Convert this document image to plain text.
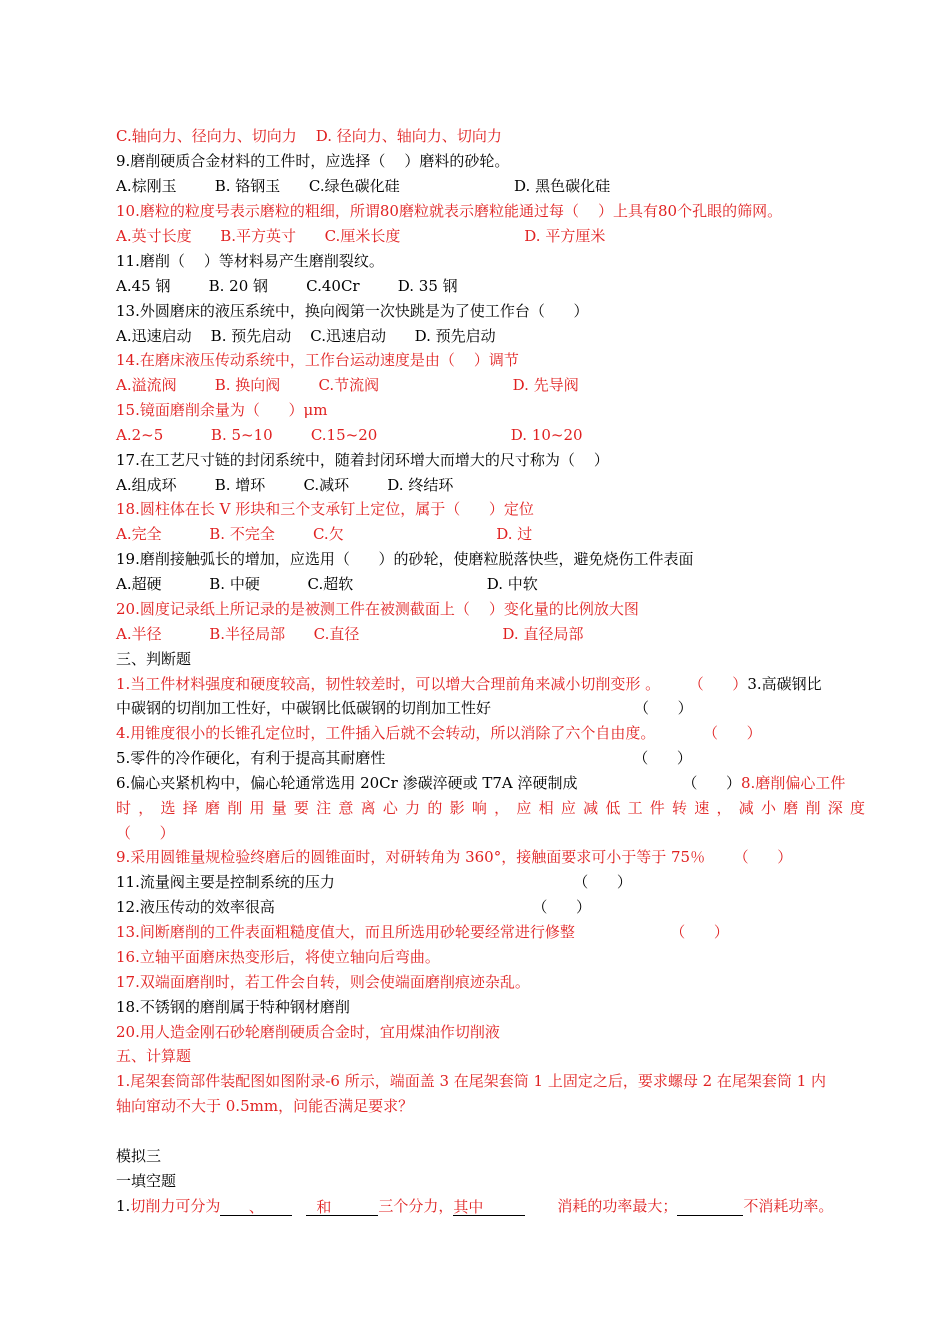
C.轴向力、径向力、切向力    D. 径向力、轴向力、切向力
9.磨削硬质合金材料的工件时，应选择（    ）磨料的砂轮。
A.棕刚玉        B. 铬钢玉      C.绿色碳化硅                        D. 黑色碳化硅
10.磨粒的粒度号表示磨粒的粗细，所谓80磨粒就表示磨粒能通过每（    ）上具有80个孔眼的筛网。
A.英寸长度      B.平方英寸      C.厘米长度                          D. 平方厘米
11.磨削（    ）等材料易产生磨削裂纹。
A.45 钢        B. 20 钢        C.40Cr        D. 35 钢
13.外圆磨床的液压系统中，换向阀第一次快跳是为了使工作台（      ）
A.迅速启动    B. 预先启动    C.迅速启动      D. 预先启动
14.在磨床液压传动系统中，工作台运动速度是由（    ）调节
A.溢流阀        B. 换向阀        C.节流阀                            D. 先导阀
15.镜面磨削余量为（      ）μm
A.2~5          B. 5~10        C.15~20                            D. 10~20
17.在工艺尺寸链的封闭系统中，随着封闭环增大而增大的尺寸称为（    ）
A.组成环        B. 增环        C.减环        D. 终结环
18.圆柱体在长 V 形块和三个支承钉上定位，属于（      ）定位
A.完全          B. 不完全        C.欠                                D. 过
19.磨削接触弧长的增加，应选用（      ）的砂轮，使磨粒脱落快些，避免烧伤工件表面
A.超硬          B. 中硬          C.超软                            D. 中软
20.圆度记录纸上所记录的是被测工件在被测截面上（    ）变化量的比例放大图
A.半径          B.半径局部      C.直径                              D. 直径局部
三、判断题
1.当工件材料强度和硬度较高，韧性较差时，可以增大合理前角来减小切削变形 。      （      ）3.高碳钢比
中碳钢的切削加工性好，中碳钢比低碳钢的切削加工性好                              （      ）
4.用锥度很小的长锥孔定位时，工件插入后就不会转动，所以消除了六个自由度。          （      ）
5.零件的冷作硬化，有利于提高其耐磨性                                                    （      ）
6.偏心夹紧机构中，偏心轮通常选用 20Cr 渗碳淬硬或 T7A 淬硬制成                      （      ）8.磨削偏心工件
时，选择磨削用量要注意离心力的影响，应相应减低工件转速，减小磨削深度
（      ）
9.采用圆锥量规检验终磨后的圆锥面时，对研转角为 360°，接触面要求可小于等于 75％      （      ）
11.流量阀主要是控制系统的压力                                                  （      ）
12.液压传动的效率很高                                                      （      ）
13.间断磨削的工件表面粗糙度值大，而且所选用砂轮要经常进行修整                    （      ）
16.立轴平面磨床热变形后，将使立轴向后弯曲。
17.双端面磨削时，若工件会自转，则会使端面磨削痕迹杂乱。
18.不锈钢的磨削属于特种钢材磨削
20.用人造金刚石砂轮磨削硬质合金时，宜用煤油作切削液
五、计算题
1.尾架套筒部件装配图如图附录-6 所示，端面盖 3 在尾架套筒 1 上固定之后，要求螺母 2 在尾架套筒 1 内
轴向窜动不大于 0.5mm，问能否满足要求？
模拟三
一填空题
1.切削力可分为 、	和	三个分力，其中	消耗的功率最大；	不消耗功率。
